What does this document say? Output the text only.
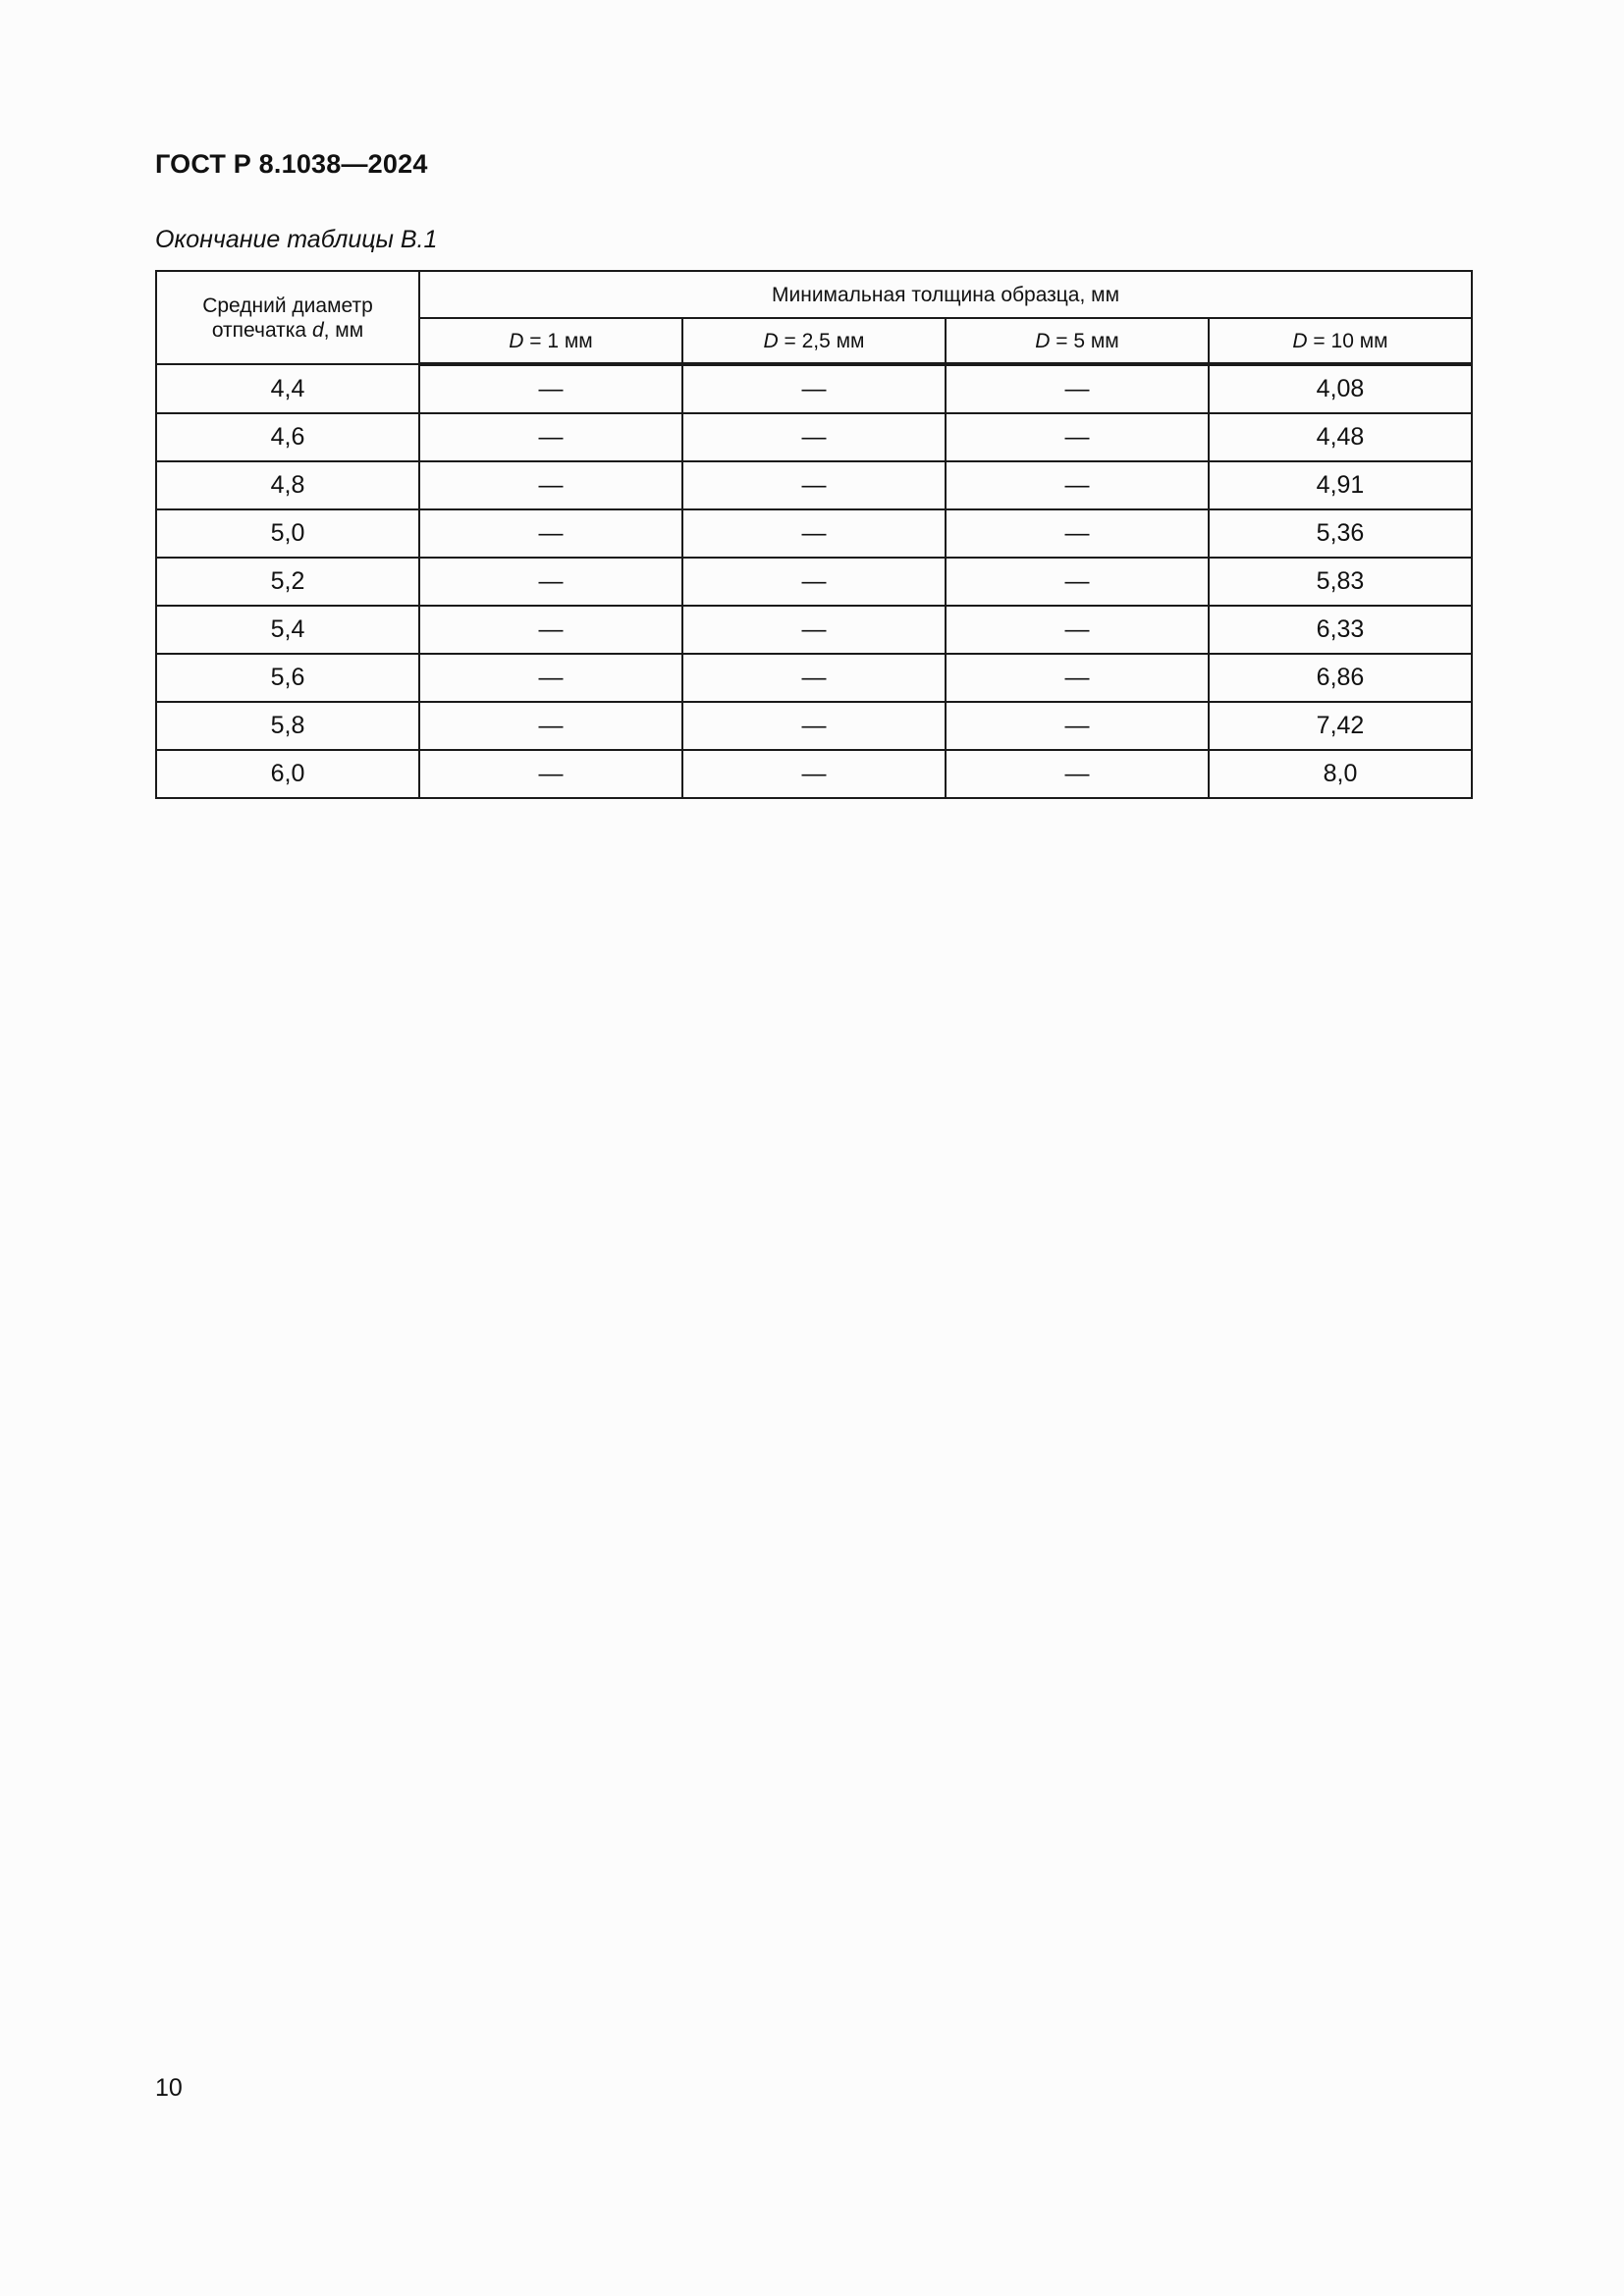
ГОСТ Р 8.1038—2024
Окончание таблицы В.1
Средний диаметр
отпечатка d, мм	Минимальная толщина образца, мм			
	D = 1 мм	D = 2,5 мм	D = 5 мм	D = 10 мм
4,4	—	—	—	4,08
4,6	—	—	—	4,48
4,8	—	—	—	4,91
5,0	—	—	—	5,36
5,2	—	—	—	5,83
5,4	—	—	—	6,33
5,6	—	—	—	6,86
5,8	—	—	—	7,42
6,0	—	—	—	8,0
10
